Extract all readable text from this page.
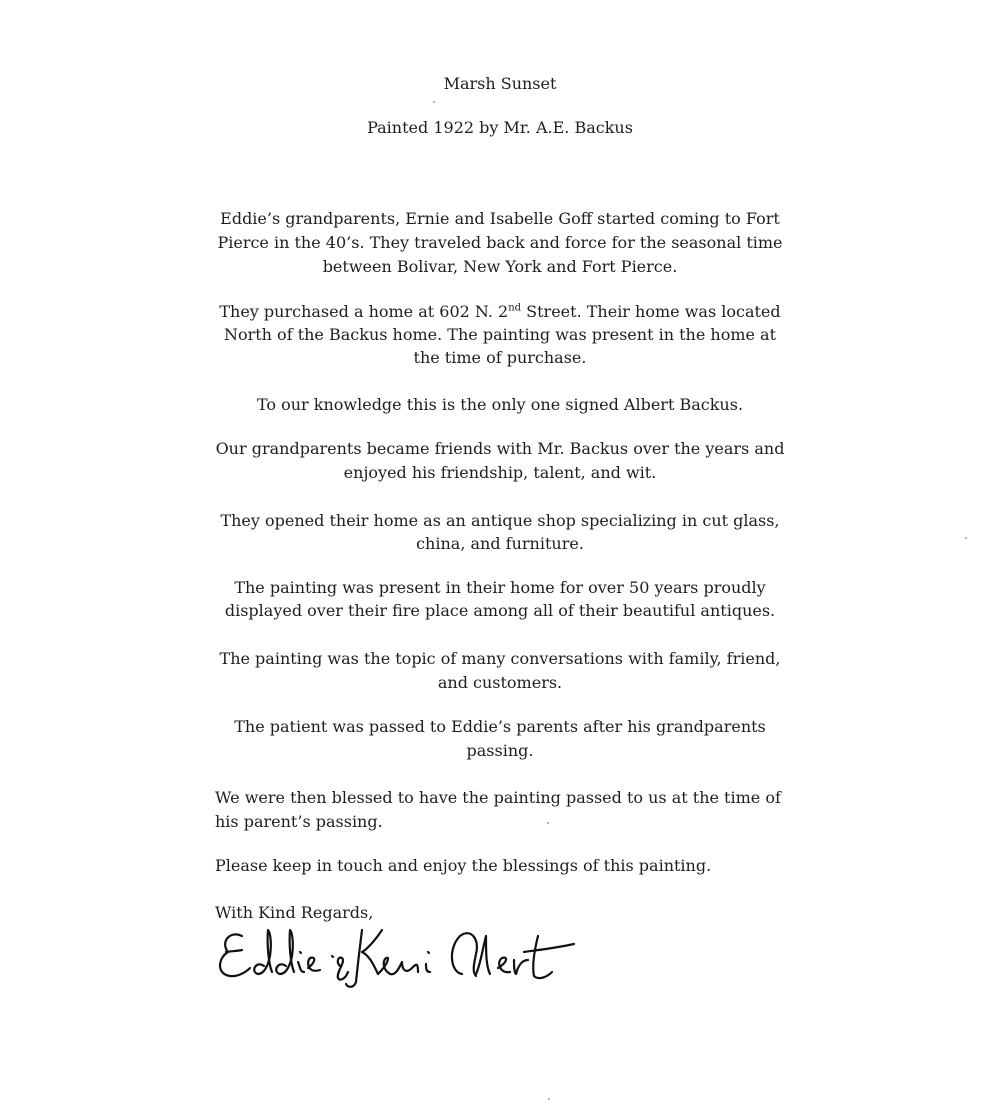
Marsh Sunset
Painted 1922 by Mr. A.E. Backus
Eddie’s grandparents, Ernie and Isabelle Goff started coming to Fort
Pierce in the 40’s. They traveled back and force for the seasonal time
between Bolivar, New York and Fort Pierce.
They purchased a home at 602 N. 2nd Street. Their home was located
North of the Backus home. The painting was present in the home at
the time of purchase.
To our knowledge this is the only one signed Albert Backus.
Our grandparents became friends with Mr. Backus over the years and
enjoyed his friendship, talent, and wit.
They opened their home as an antique shop specializing in cut glass,
china, and furniture.
The painting was present in their home for over 50 years proudly
displayed over their fire place among all of their beautiful antiques.
The painting was the topic of many conversations with family, friend,
and customers.
The patient was passed to Eddie’s parents after his grandparents
passing.
We were then blessed to have the painting passed to us at the time of
his parent’s passing.
Please keep in touch and enjoy the blessings of this painting.
With Kind Regards,
